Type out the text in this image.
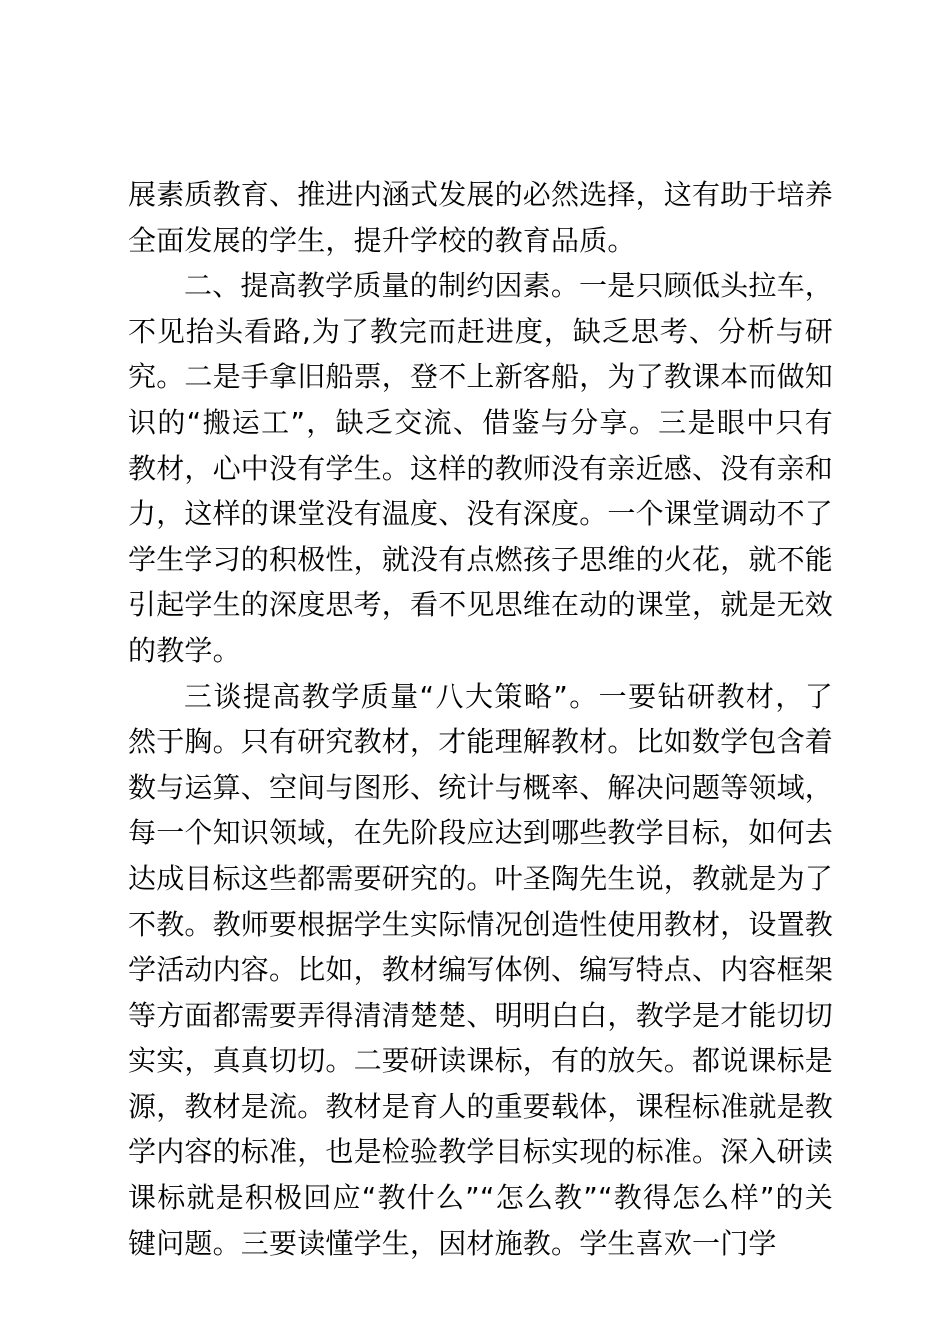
展素质教育、推进内涵式发展的必然选择，这有助于培养全面发展的学生，提升学校的教育品质。

二、提高教学质量的制约因素。一是只顾低头拉车，不见抬头看路,为了教完而赶进度，缺乏思考、分析与研究。二是手拿旧船票，登不上新客船，为了教课本而做知识的“搬运工”，缺乏交流、借鉴与分享。三是眼中只有教材，心中没有学生。这样的教师没有亲近感、没有亲和力，这样的课堂没有温度、没有深度。一个课堂调动不了学生学习的积极性，就没有点燃孩子思维的火花，就不能引起学生的深度思考，看不见思维在动的课堂，就是无效的教学。

三谈提高教学质量“八大策略”。一要钻研教材，了然于胸。只有研究教材，才能理解教材。比如数学包含着数与运算、空间与图形、统计与概率、解决问题等领域，每一个知识领域，在先阶段应达到哪些教学目标，如何去达成目标这些都需要研究的。叶圣陶先生说，教就是为了不教。教师要根据学生实际情况创造性使用教材，设置教学活动内容。比如，教材编写体例、编写特点、内容框架等方面都需要弄得清清楚楚、明明白白，教学是才能切切实实，真真切切。二要研读课标，有的放矢。都说课标是源，教材是流。教材是育人的重要载体，课程标准就是教学内容的标准，也是检验教学目标实现的标准。深入研读课标就是积极回应“教什么”“怎么教”“教得怎么样”的关键问题。三要读懂学生，因材施教。学生喜欢一门学
